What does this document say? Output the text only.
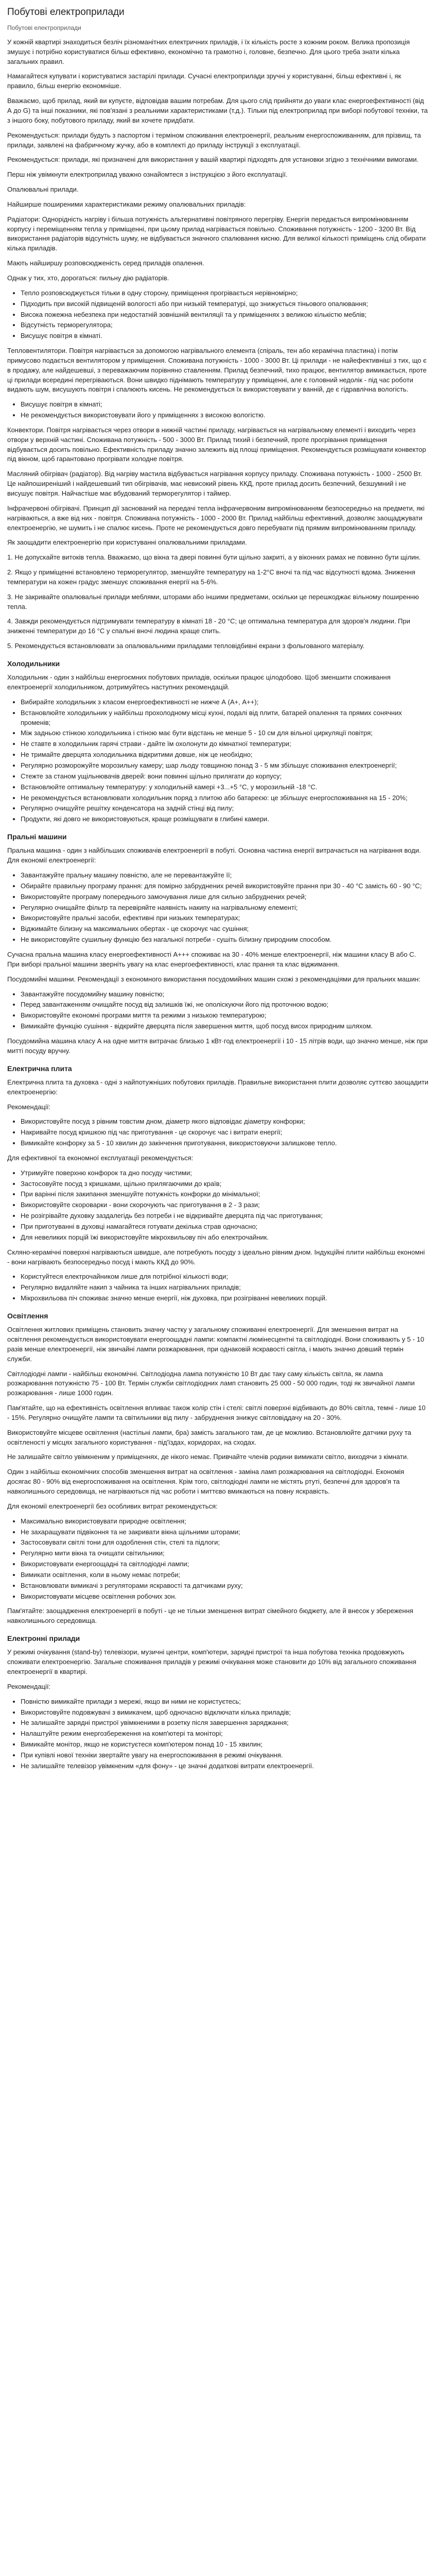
Побутові електроприлади
Побутові електроприлади

У кожній квартирі знаходиться безліч різноманітних електричних приладів, і їх кількість росте з кожним роком. Велика пропозиція змушує і потрібно користуватися більш ефективно, економічно та грамотно і, головне, безпечно. Для цього треба знати кілька загальних правил.

Намагайтеся купувати і користуватися застарілі прилади. Сучасні електроприлади зручні у користуванні, більш ефективні і, як правило, більш енергію економніше.

Вважаємо, щоб прилад, який ви купуєте, відповідав вашим потребам. Для цього слід прийняти до уваги клас енергоефективності (від А до G) та інші показники, які пов'язані з реальними характеристиками (т.д.). Тільки під електроприлад при виборі побутової техніки, та з іншого боку, побутового приладу, який ви хочете придбати.

Рекомендується: прилади будуть з паспортом і терміном споживання електроенергії, реальним енергоспоживанням, для прізвищ, та прилади, заявлені на фабричному жучку, або в комплекті до приладу інструкції з експлуатації.

Рекомендується: прилади, які призначені для використання у вашій квартирі підходять для установки згідно з технічними вимогами.

Перш ніж увімкнути електроприлад уважно ознайомтеся з інструкцією з його експлуатації.

Опалювальні прилади.

Найширше поширеними характеристиками режиму опалювальних приладів:

Радіатори: Однорідність нагріву і більша потужність альтернативні повітряного перегріву. Енергія передається випромінюванням корпусу і переміщенням тепла у приміщенні, при цьому прилад нагрівається повільно. Споживання потужність - 1200 - 3200 Вт. Від використання радіаторів відсутність шуму, не відбувається значного спалювання кисню. Для великої кількості приміщень слід обирати кілька приладів.

Мають найширшу розповсюдженість серед приладів опалення.

Однак у тих, хто, дорогаться: пильну дію радіаторів.

• Тепло розповсюджується тільки в одну сторону, приміщення прогрівається нерівномірно;
• Підходить при високій підвищеній вологості або при низькій температурі, що знижується тіньового опалювання;
• Висока пожежна небезпека при недостатній зовнішній вентиляції та у приміщеннях з великою кількістю меблів;
• Відсутність терморегулятора;
• Висушує повітря в кімнаті.

Тепловентилятори. Повітря нагрівається за допомогою нагрівального елемента (спіраль, тен або керамічна пластина) і потім примусово подається вентилятором у приміщення. Споживана потужність - 1000 - 3000 Вт. Ці прилади - не найефективніші з тих, що є в продажу, але найдешевші, з переважаючим порівняно ставленням. Прилад безпечний, тихо працює, вентилятор вимикається, проте ці прилади всередині перегріваються. Вони швидко піднімають температуру у приміщенні, але є головний недолік - під час роботи видають шум, висушують повітря і спалюють кисень. Не рекомендується їх використовувати у ванній, де є гідравлічна вологість.

• Висушує повітря в кімнаті;
• Не рекомендується використовувати його у приміщеннях з високою вологістю.

Конвектори. Повітря нагрівається через отвори в нижній частині приладу, нагрівається на нагрівальному елементі і виходить через отвори у верхній частині. Споживана потужність - 500 - 3000 Вт. Прилад тихий і безпечний, проте прогрівання приміщення відбувається досить повільно. Ефективність приладу значно залежить від площі приміщення. Рекомендується розміщувати конвектор під вікном, щоб гарантовано прогрівати холодне повітря.

Масляний обігрівач (радіатор). Від нагріву мастила відбувається нагрівання корпусу приладу. Споживана потужність - 1000 - 2500 Вт. Це найпоширеніший і найдешевший тип обігрівачів, має невисокий рівень ККД, проте прилад досить безпечний, безшумний і не висушує повітря. Найчастіше має вбудований терморегулятор і таймер.

Інфрачервоні обігрівачі. Принцип дії заснований на передачі тепла інфрачервоним випромінюванням безпосередньо на предмети, які нагріваються, а вже від них - повітря. Споживана потужність - 1000 - 2000 Вт. Прилад найбільш ефективний, дозволяє заощаджувати електроенергію, не шумить і не спалює кисень. Проте не рекомендується довго перебувати під прямим випромінюванням приладу.

Як заощадити електроенергію при користуванні опалювальними приладами.

1. Не допускайте витоків тепла. Вважаємо, що вікна та двері повинні бути щільно закриті, а у віконних рамах не повинно бути щілин.

2. Якщо у приміщенні встановлено терморегулятор, зменшуйте температуру на 1-2°С вночі та під час відсутності вдома. Зниження температури на кожен градус зменшує споживання енергії на 5-6%.

3. Не закривайте опалювальні прилади меблями, шторами або іншими предметами, оскільки це перешкоджає вільному поширенню тепла.

4. Завжди рекомендується підтримувати температуру в кімнаті 18 - 20 °С; це оптимальна температура для здоров'я людини. При зниженні температури до 16 °С у спальні вночі людина краще спить.

5. Рекомендується встановлювати за опалювальними приладами тепловідбивні екрани з фольгованого матеріалу.

Холодильники

Холодильник - один з найбільш енергоємних побутових приладів, оскільки працює цілодобово. Щоб зменшити споживання електроенергії холодильником, дотримуйтесь наступних рекомендацій.

• Вибирайте холодильник з класом енергоефективності не нижче А (А+, А++);
• Встановлюйте холодильник у найбільш прохолодному місці кухні, подалі від плити, батарей опалення та прямих сонячних променів;
• Між задньою стінкою холодильника і стіною має бути відстань не менше 5 - 10 см для вільної циркуляції повітря;
• Не ставте в холодильник гарячі страви - дайте їм охолонути до кімнатної температури;
• Не тримайте дверцята холодильника відкритими довше, ніж це необхідно;
• Регулярно розморожуйте морозильну камеру; шар льоду товщиною понад 3 - 5 мм збільшує споживання електроенергії;
• Стежте за станом ущільнювачів дверей: вони повинні щільно прилягати до корпусу;
• Встановлюйте оптимальну температуру: у холодильній камері +3...+5 °С, у морозильній -18 °С.
• Не рекомендується встановлювати холодильник поряд з плитою або батареєю: це збільшує енергоспоживання на 15 - 20%;
• Регулярно очищуйте решітку конденсатора на задній стінці від пилу;
• Продукти, які довго не використовуються, краще розміщувати в глибині камери.
Пральні машини

Пральна машина - один з найбільших споживачів електроенергії в побуті. Основна частина енергії витрачається на нагрівання води. Для економії електроенергії:

• Завантажуйте пральну машину повністю, але не перевантажуйте її;
• Обирайте правильну програму прання: для помірно забруднених речей використовуйте прання при 30 - 40 °С замість 60 - 90 °С;
• Використовуйте програму попереднього замочування лише для сильно забруднених речей;
• Регулярно очищайте фільтр та перевіряйте наявність накипу на нагрівальному елементі;
• Використовуйте пральні засоби, ефективні при низьких температурах;
• Віджимайте білизну на максимальних обертах - це скорочує час сушіння;
• Не використовуйте сушильну функцію без нагальної потреби - сушіть білизну природним способом.

Сучасна пральна машина класу енергоефективності А+++ споживає на 30 - 40% менше електроенергії, ніж машини класу В або С. При виборі пральної машини зверніть увагу на клас енергоефективності, клас прання та клас віджимання.

Посудомийні машини. Рекомендації з економного використання посудомийних машин схожі з рекомендаціями для пральних машин:

• Завантажуйте посудомийну машину повністю;
• Перед завантаженням очищайте посуд від залишків їжі, не ополіскуючи його під проточною водою;
• Використовуйте економні програми миття та режими з низькою температурою;
• Вимикайте функцію сушіння - відкрийте дверцята після завершення миття, щоб посуд висох природним шляхом.

Посудомийна машина класу А на одне миття витрачає близько 1 кВт·год електроенергії і 10 - 15 літрів води, що значно менше, ніж при митті посуду вручну.

Електрична плита

Електрична плита та духовка - одні з найпотужніших побутових приладів. Правильне використання плити дозволяє суттєво заощадити електроенергію:

Рекомендації:

• Використовуйте посуд з рівним товстим дном, діаметр якого відповідає діаметру конфорки;
• Накривайте посуд кришкою під час приготування - це скорочує час і витрати енергії;
• Вимикайте конфорку за 5 - 10 хвилин до закінчення приготування, використовуючи залишкове тепло.

Для ефективної та економної експлуатації рекомендується:

• Утримуйте поверхню конфорок та дно посуду чистими;
• Застосовуйте посуд з кришками, щільно прилягаючими до країв;
• При варінні після закипання зменшуйте потужність конфорки до мінімальної;
• Використовуйте скороварки - вони скорочують час приготування в 2 - 3 рази;
• Не розігрівайте духовку заздалегідь без потреби і не відкривайте дверцята під час приготування;
• При приготуванні в духовці намагайтеся готувати декілька страв одночасно;
• Для невеликих порцій їжі використовуйте мікрохвильову піч або електрочайник.

Скляно-керамічні поверхні нагріваються швидше, але потребують посуду з ідеально рівним дном. Індукційні плити найбільш економні - вони нагрівають безпосередньо посуд і мають ККД до 90%.

• Користуйтеся електрочайником лише для потрібної кількості води;
• Регулярно видаляйте накип з чайника та інших нагрівальних приладів;
• Мікрохвильова піч споживає значно менше енергії, ніж духовка, при розігріванні невеликих порцій.
Освітлення

Освітлення житлових приміщень становить значну частку у загальному споживанні електроенергії. Для зменшення витрат на освітлення рекомендується використовувати енергоощадні лампи: компактні люмінесцентні та світлодіодні. Вони споживають у 5 - 10 разів менше електроенергії, ніж звичайні лампи розжарювання, при однаковій яскравості світла, і мають значно довший термін служби.

Світлодіодні лампи - найбільш економічні. Світлодіодна лампа потужністю 10 Вт дає таку саму кількість світла, як лампа розжарювання потужністю 75 - 100 Вт. Термін служби світлодіодних ламп становить 25 000 - 50 000 годин, тоді як звичайної лампи розжарювання - лише 1000 годин.

Пам'ятайте, що на ефективність освітлення впливає також колір стін і стелі: світлі поверхні відбивають до 80% світла, темні - лише 10 - 15%. Регулярно очищуйте лампи та світильники від пилу - забруднення знижує світловіддачу на 20 - 30%.

Використовуйте місцеве освітлення (настільні лампи, бра) замість загального там, де це можливо. Встановлюйте датчики руху та освітленості у місцях загального користування - під'їздах, коридорах, на сходах.

Не залишайте світло увімкненим у приміщеннях, де нікого немає. Привчайте членів родини вимикати світло, виходячи з кімнати.

Один з найбільш економічних способів зменшення витрат на освітлення - заміна ламп розжарювання на світлодіодні. Економія досягає 80 - 90% від енергоспоживання на освітлення. Крім того, світлодіодні лампи не містять ртуті, безпечні для здоров'я та навколишнього середовища, не нагріваються під час роботи і миттєво вмикаються на повну яскравість.

Для економії електроенергії без особливих витрат рекомендується:

• Максимально використовувати природне освітлення;
• Не захаращувати підвіконня та не закривати вікна щільними шторами;
• Застосовувати світлі тони для оздоблення стін, стелі та підлоги;
• Регулярно мити вікна та очищати світильники;
• Використовувати енергоощадні та світлодіодні лампи;
• Вимикати освітлення, коли в ньому немає потреби;
• Встановлювати вимикачі з регуляторами яскравості та датчиками руху;
• Використовувати місцеве освітлення робочих зон.

Пам'ятайте: заощадження електроенергії в побуті - це не тільки зменшення витрат сімейного бюджету, але й внесок у збереження навколишнього середовища.

Електронні прилади

У режимі очікування (stand-by) телевізори, музичні центри, комп'ютери, зарядні пристрої та інша побутова техніка продовжують споживати електроенергію. Загальне споживання приладів у режимі очікування може становити до 10% від загального споживання електроенергії в квартирі.

Рекомендації:

• Повністю вимикайте прилади з мережі, якщо ви ними не користуєтесь;
• Використовуйте подовжувачі з вимикачем, щоб одночасно відключати кілька приладів;
• Не залишайте зарядні пристрої увімкненими в розетку після завершення заряджання;
• Налаштуйте режим енергозбереження на комп'ютері та моніторі;
• Вимикайте монітор, якщо не користуєтеся комп'ютером понад 10 - 15 хвилин;
• При купівлі нової техніки звертайте увагу на енергоспоживання в режимі очікування.
• Не залишайте телевізор увімкненим «для фону» - це значні додаткові витрати електроенергії.
